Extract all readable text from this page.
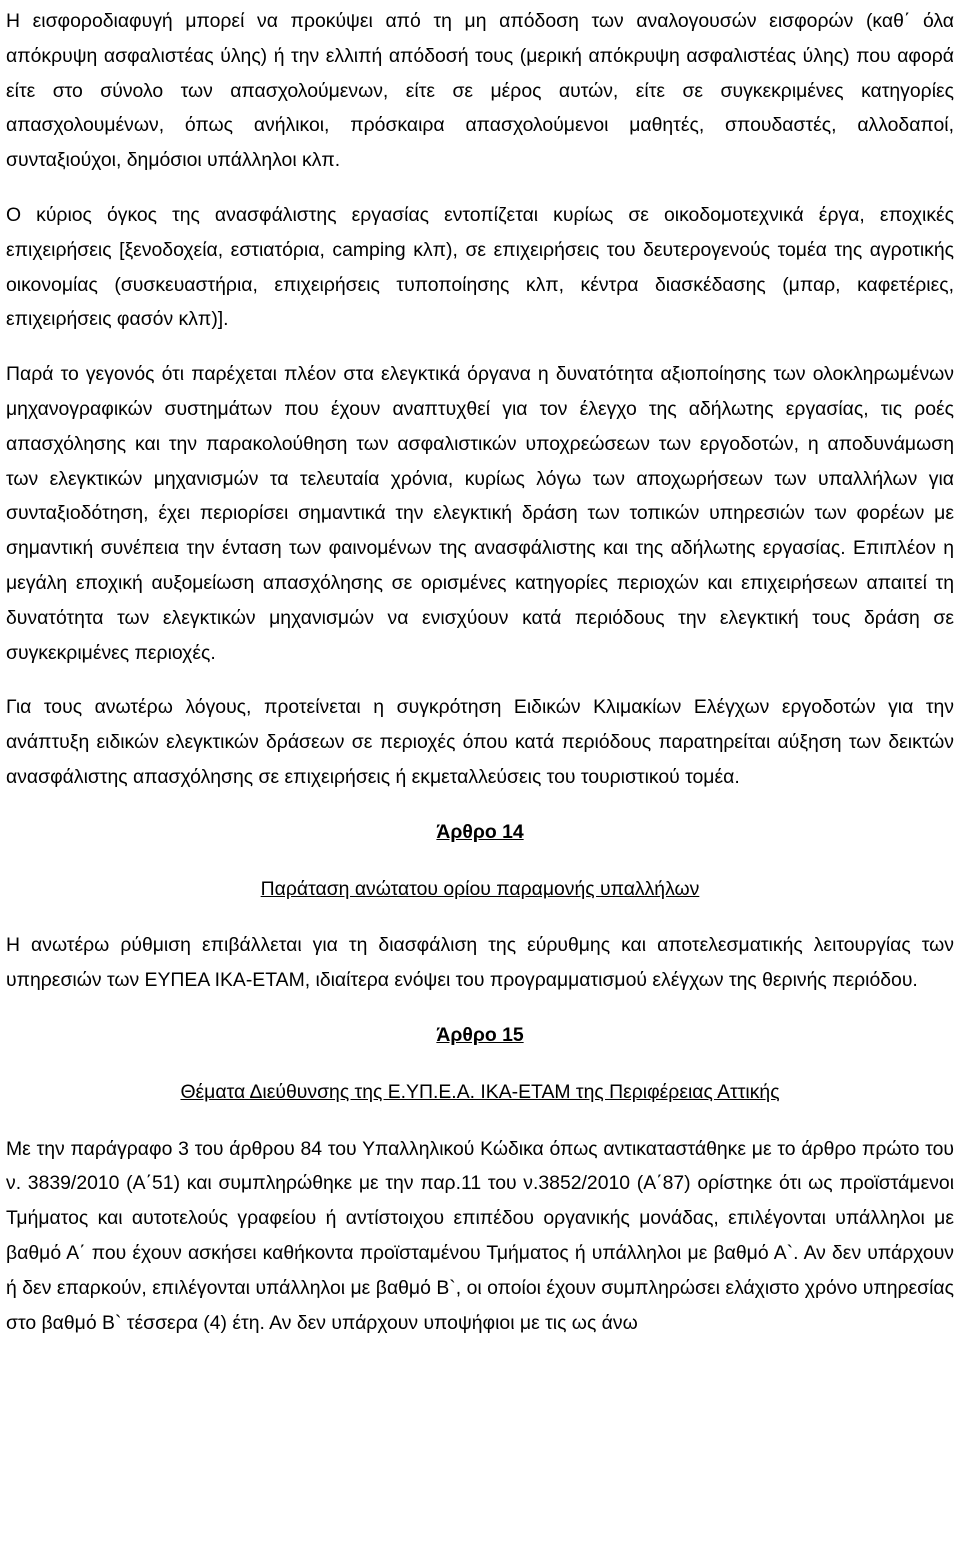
Η εισφοροδιαφυγή μπορεί να προκύψει από τη μη απόδοση των αναλογουσών εισφορών (καθ΄ όλα απόκρυψη ασφαλιστέας ύλης) ή την ελλιπή απόδοσή τους (μερική απόκρυψη ασφαλιστέας ύλης) που αφορά είτε στο σύνολο των απασχολούμενων, είτε σε μέρος αυτών, είτε σε συγκεκριμένες κατηγορίες απασχολουμένων, όπως ανήλικοι, πρόσκαιρα απασχολούμενοι μαθητές, σπουδαστές, αλλοδαποί, συνταξιούχοι, δημόσιοι υπάλληλοι κλπ.

Ο κύριος όγκος της ανασφάλιστης εργασίας εντοπίζεται κυρίως σε οικοδομοτεχνικά έργα, εποχικές επιχειρήσεις [ξενοδοχεία, εστιατόρια, camping κλπ), σε επιχειρήσεις του δευτερογενούς τομέα της αγροτικής οικονομίας (συσκευαστήρια, επιχειρήσεις τυποποίησης κλπ, κέντρα διασκέδασης (μπαρ, καφετέριες, επιχειρήσεις φασόν κλπ)].

Παρά το γεγονός ότι παρέχεται πλέον στα ελεγκτικά όργανα η δυνατότητα αξιοποίησης των ολοκληρωμένων μηχανογραφικών συστημάτων που έχουν αναπτυχθεί για τον έλεγχο της αδήλωτης εργασίας, τις ροές απασχόλησης και την παρακολούθηση των ασφαλιστικών υποχρεώσεων των εργοδοτών, η αποδυνάμωση των ελεγκτικών μηχανισμών τα τελευταία χρόνια, κυρίως λόγω των αποχωρήσεων των υπαλλήλων για συνταξιοδότηση, έχει περιορίσει σημαντικά την ελεγκτική δράση των τοπικών υπηρεσιών των φορέων με σημαντική συνέπεια την ένταση των φαινομένων της ανασφάλιστης και της αδήλωτης εργασίας. Επιπλέον η μεγάλη εποχική αυξομείωση απασχόλησης σε ορισμένες κατηγορίες περιοχών και επιχειρήσεων απαιτεί τη δυνατότητα των ελεγκτικών μηχανισμών να ενισχύουν κατά περιόδους την ελεγκτική τους δράση σε συγκεκριμένες περιοχές.

Για τους ανωτέρω λόγους, προτείνεται η συγκρότηση Ειδικών Κλιμακίων Ελέγχων εργοδοτών για την ανάπτυξη ειδικών ελεγκτικών δράσεων σε περιοχές όπου κατά περιόδους παρατηρείται αύξηση των δεικτών ανασφάλιστης απασχόλησης σε επιχειρήσεις ή εκμεταλλεύσεις του τουριστικού τομέα.

Άρθρο 14

Παράταση ανώτατου ορίου παραμονής υπαλλήλων

Η ανωτέρω ρύθμιση επιβάλλεται για τη διασφάλιση της εύρυθμης και αποτελεσματικής λειτουργίας των υπηρεσιών των ΕΥΠΕΑ ΙΚΑ-ΕΤΑΜ, ιδιαίτερα ενόψει του προγραμματισμού ελέγχων της θερινής περιόδου.

Άρθρο 15

Θέματα Διεύθυνσης της Ε.ΥΠ.Ε.Α. ΙΚΑ-ΕΤΑΜ της Περιφέρειας Αττικής

Με την παράγραφο 3 του άρθρου 84 του Υπαλληλικού Κώδικα όπως αντικαταστάθηκε με το άρθρο πρώτο του ν. 3839/2010 (Α΄51) και συμπληρώθηκε με την παρ.11 του ν.3852/2010 (Α΄87) ορίστηκε ότι ως προϊστάμενοι Τμήματος και αυτοτελούς γραφείου ή αντίστοιχου επιπέδου οργανικής μονάδας, επιλέγονται υπάλληλοι με βαθμό Α΄ που έχουν ασκήσει καθήκοντα προϊσταμένου Τμήματος ή υπάλληλοι με βαθμό Α`. Αν δεν υπάρχουν ή δεν επαρκούν, επιλέγονται υπάλληλοι με βαθμό Β`, οι οποίοι έχουν συμπληρώσει ελάχιστο χρόνο υπηρεσίας στο βαθμό Β` τέσσερα (4) έτη. Αν δεν υπάρχουν υποψήφιοι με τις ως άνω
